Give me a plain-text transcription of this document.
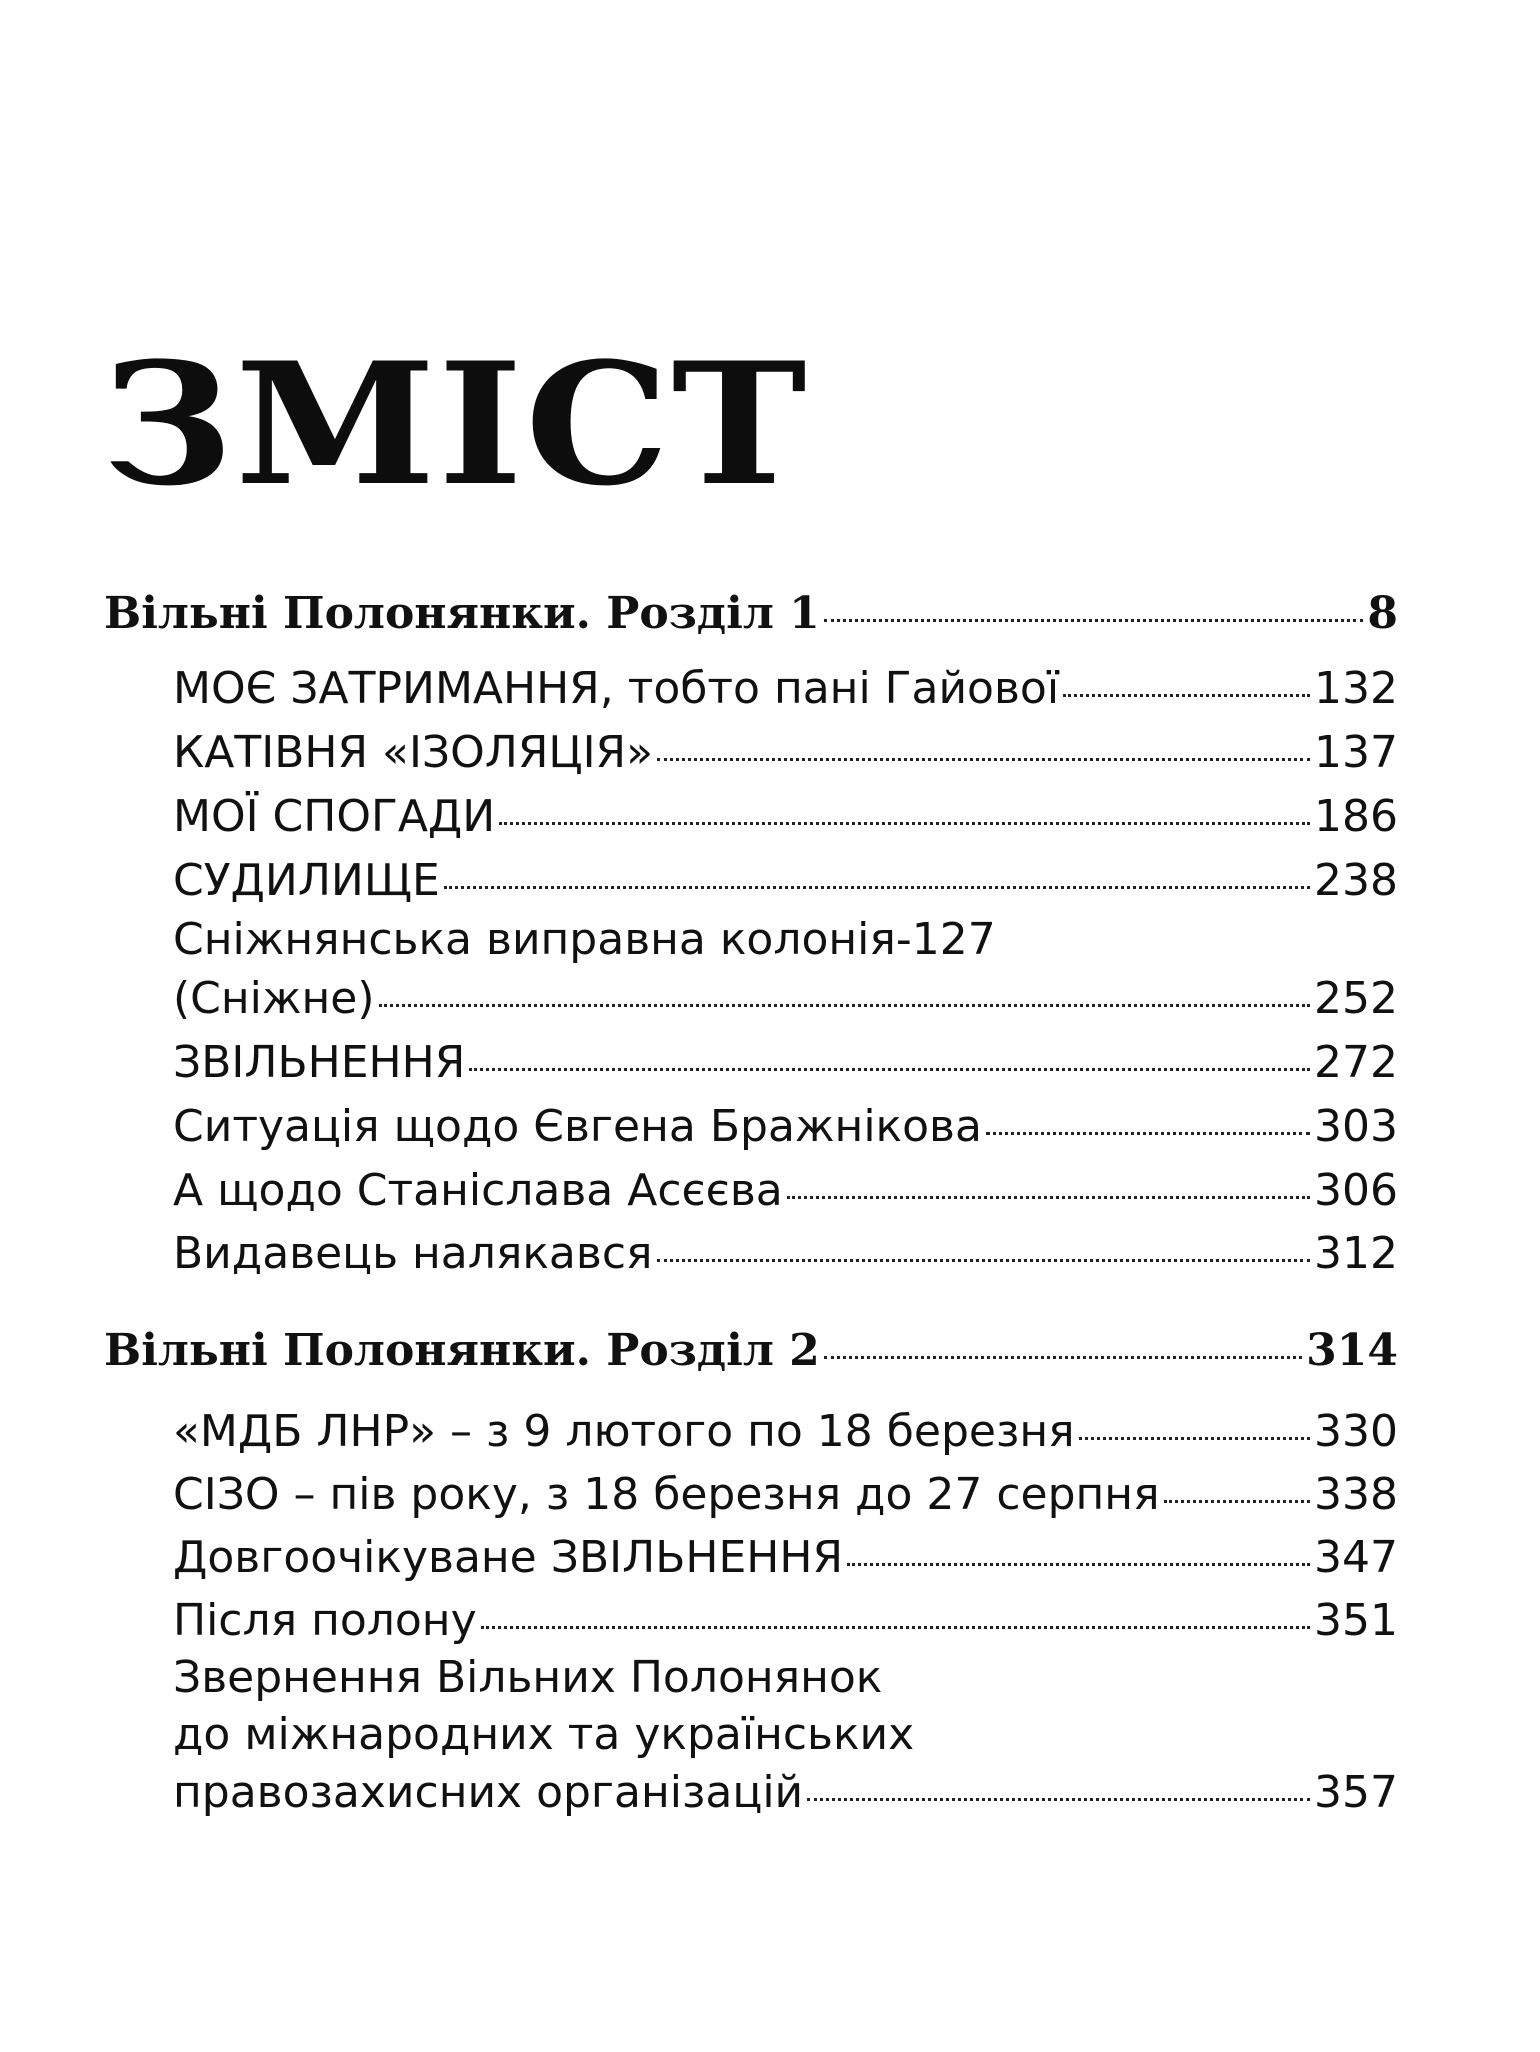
ЗМІСТ
Вільні Полонянки. Розділ 1	8
МОЄ ЗАТРИМАННЯ, тобто пані Гайової	132
КАТІВНЯ «ІЗОЛЯЦІЯ»	137
МОЇ СПОГАДИ	186
СУДИЛИЩЕ	238
Сніжнянська виправна колонія-127
(Сніжне)	252
ЗВІЛЬНЕННЯ	272
Ситуація щодо Євгена Бражнікова	303
А щодо Станіслава Асєєва	306
Видавець налякався	312
Вільні Полонянки. Розділ 2	314
«МДБ ЛНР» – з 9 лютого по 18 березня	330
СІЗО – пів року, з 18 березня до 27 серпня	338
Довгоочікуване ЗВІЛЬНЕННЯ	347
Після полону	351
Звернення Вільних Полонянок
до міжнародних та українських
правозахисних організацій	357
